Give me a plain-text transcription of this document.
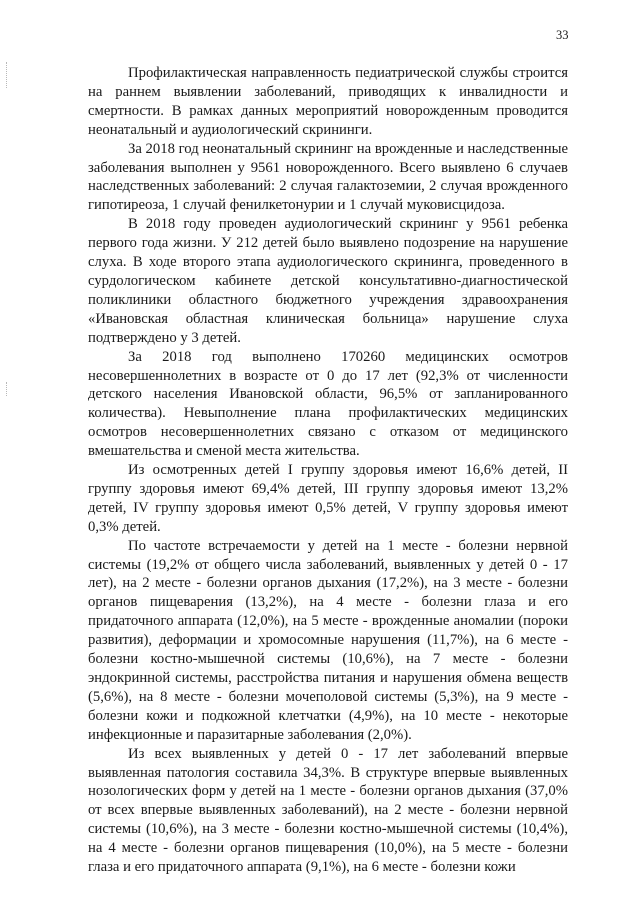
33

Профилактическая направленность педиатрической службы строится на раннем выявлении заболеваний, приводящих к инвалидности и смертности. В рамках данных мероприятий новорожденным проводится неонатальный и аудиологический скрининги.

За 2018 год неонатальный скрининг на врожденные и наследственные заболевания выполнен у 9561 новорожденного. Всего выявлено 6 случаев наследственных заболеваний: 2 случая галактоземии, 2 случая врожденного гипотиреоза, 1 случай фенилкетонурии и 1 случай муковисцидоза.

В 2018 году проведен аудиологический скрининг у 9561 ребенка первого года жизни. У 212 детей было выявлено подозрение на нарушение слуха. В ходе второго этапа аудиологического скрининга, проведенного в сурдологическом кабинете детской консультативно-диагностической поликлиники областного бюджетного учреждения здравоохранения «Ивановская областная клиническая больница» нарушение слуха подтверждено у 3 детей.

За 2018 год выполнено 170260 медицинских осмотров несовершеннолетних в возрасте от 0 до 17 лет (92,3% от численности детского населения Ивановской области, 96,5% от запланированного количества). Невыполнение плана профилактических медицинских осмотров несовершеннолетних связано с отказом от медицинского вмешательства и сменой места жительства.

Из осмотренных детей I группу здоровья имеют 16,6% детей, II группу здоровья имеют 69,4% детей, III группу здоровья имеют 13,2% детей, IV группу здоровья имеют 0,5% детей, V группу здоровья имеют 0,3% детей.

По частоте встречаемости у детей на 1 месте - болезни нервной системы (19,2% от общего числа заболеваний, выявленных у детей 0 - 17 лет), на 2 месте - болезни органов дыхания (17,2%), на 3 месте - болезни органов пищеварения (13,2%), на 4 месте - болезни глаза и его придаточного аппарата (12,0%), на 5 месте - врожденные аномалии (пороки развития), деформации и хромосомные нарушения (11,7%), на 6 месте - болезни костно-мышечной системы (10,6%), на 7 месте - болезни эндокринной системы, расстройства питания и нарушения обмена веществ (5,6%), на 8 месте - болезни мочеполовой системы (5,3%), на 9 месте - болезни кожи и подкожной клетчатки (4,9%), на 10 месте - некоторые инфекционные и паразитарные заболевания (2,0%).

Из всех выявленных у детей 0 - 17 лет заболеваний впервые выявленная патология составила 34,3%. В структуре впервые выявленных нозологических форм у детей на 1 месте - болезни органов дыхания (37,0% от всех впервые выявленных заболеваний), на 2 месте - болезни нервной системы (10,6%), на 3 месте - болезни костно-мышечной системы (10,4%), на 4 месте - болезни органов пищеварения (10,0%), на 5 месте - болезни глаза и его придаточного аппарата (9,1%), на 6 месте - болезни кожи
